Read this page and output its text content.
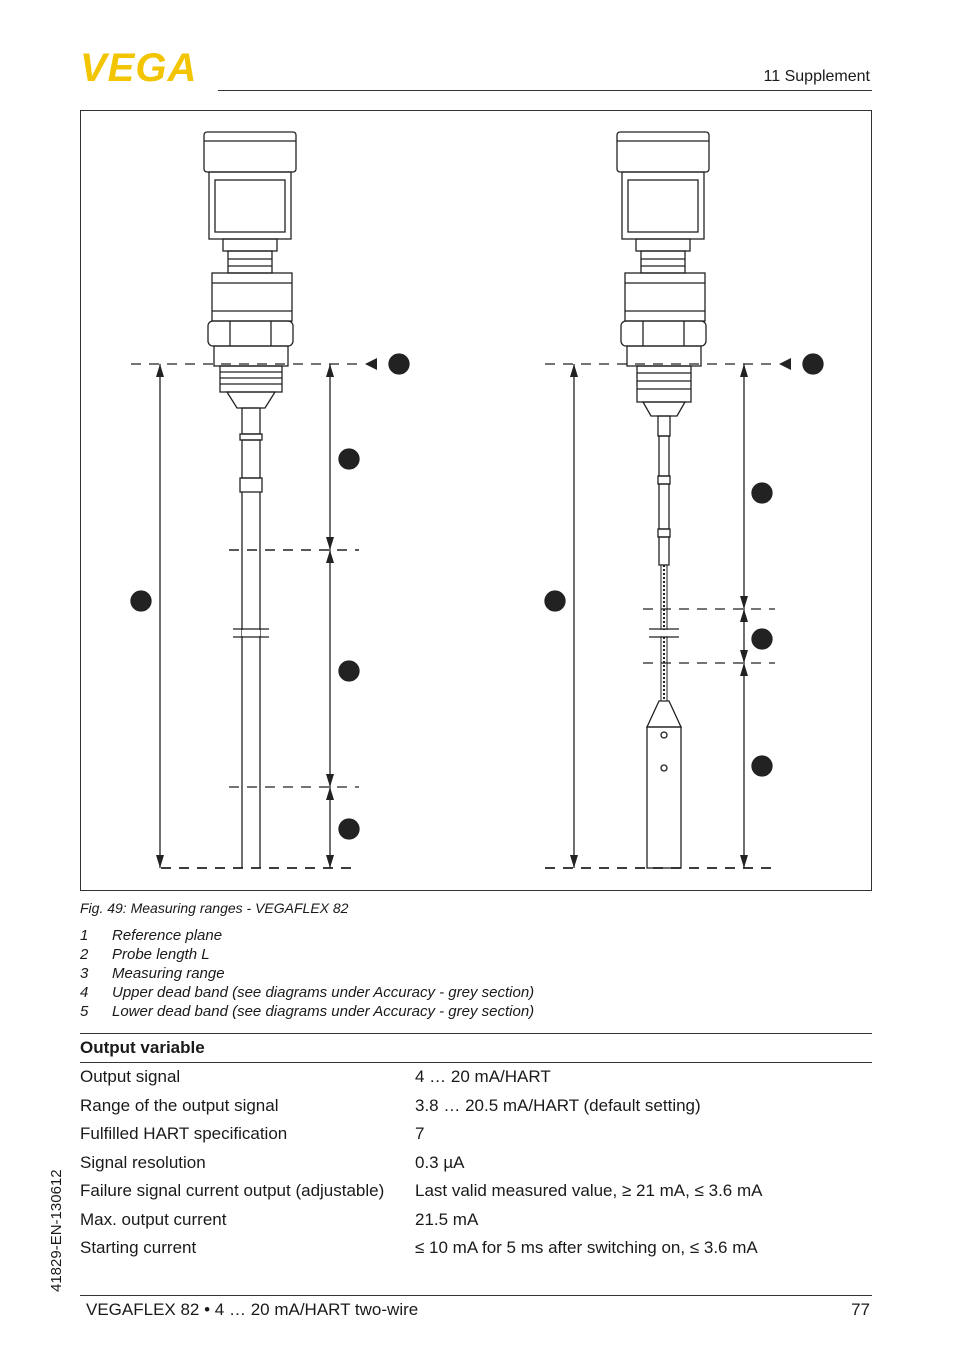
VEGA	11 Supplement
1
4
2
3
5
1
4
2
3
5
Fig. 49: Measuring ranges - VEGAFLEX 82
1	Reference plane
2	Probe length L
3	Measuring range
4	Upper dead band (see diagrams under Accuracy - grey section)
5	Lower dead band (see diagrams under Accuracy - grey section)
Output variable
Output signal	4 … 20 mA/HART
Range of the output signal	3.8 … 20.5 mA/HART (default setting)
Fulfilled HART specification	7
Signal resolution	0.3 µA
Failure signal current output (adjustable)	Last valid measured value, ≥ 21 mA, ≤ 3.6 mA
Max. output current	21.5 mA
Starting current	≤ 10 mA for 5 ms after switching on, ≤ 3.6 mA
41829-EN-130612
VEGAFLEX 82 • 4 … 20 mA/HART two-wire	77
